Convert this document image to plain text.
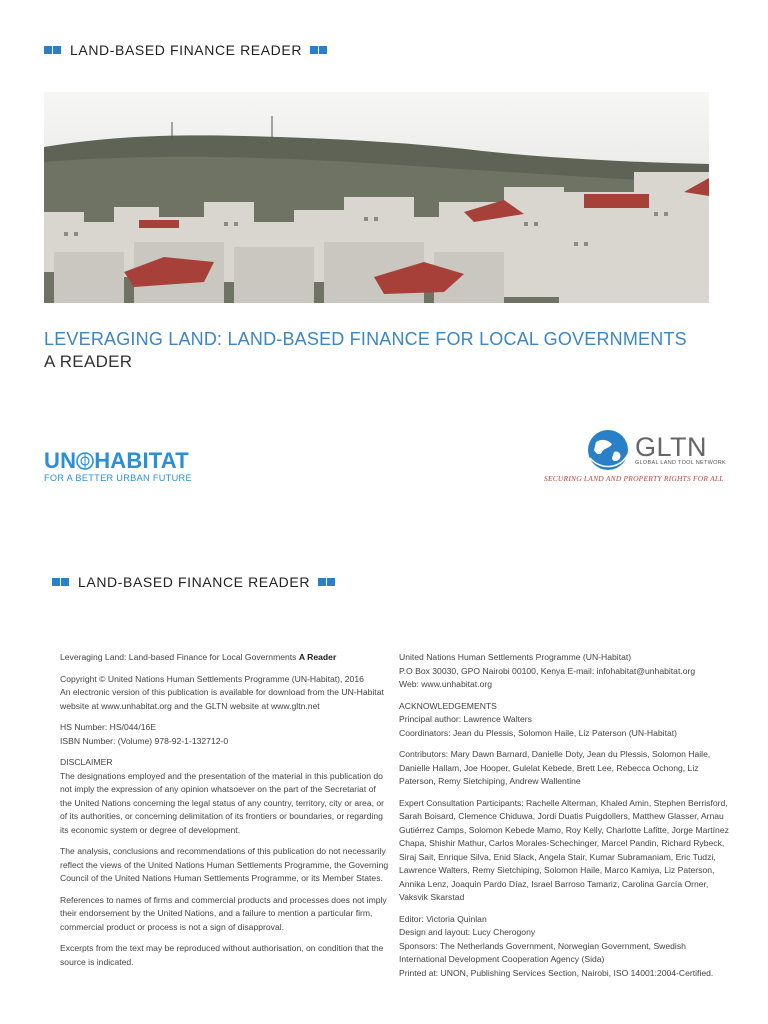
LAND-BASED FINANCE READER
LEVERAGING LAND: LAND-BASED FINANCE FOR LOCAL GOVERNMENTS
A READER
UN HABITAT
FOR A BETTER URBAN FUTURE
GLTN
GLOBAL LAND TOOL NETWORK
SECURING LAND AND PROPERTY RIGHTS FOR ALL
LAND-BASED FINANCE READER

Leveraging Land: Land-based Finance for Local Governments A Reader

Copyright © United Nations Human Settlements Programme (UN-Habitat), 2016
An electronic version of this publication is available for download from the UN-Habitat website at www.unhabitat.org and the GLTN website at www.gltn.net

HS Number: HS/044/16E
ISBN Number: (Volume) 978-92-1-132712-0

DISCLAIMER
The designations employed and the presentation of the material in this publication do not imply the expression of any opinion whatsoever on the part of the Secretariat of the United Nations concerning the legal status of any country, territory, city or area, or of its authorities, or concerning delimitation of its frontiers or boundaries, or regarding its economic system or degree of development.

The analysis, conclusions and recommendations of this publication do not necessarily reflect the views of the United Nations Human Settlements Programme, the Governing Council of the United Nations Human Settlements Programme, or its Member States.

References to names of firms and commercial products and processes does not imply their endorsement by the United Nations, and a failure to mention a particular firm, commercial product or process is not a sign of disapproval.

Excerpts from the text may be reproduced without authorisation, on condition that the source is indicated.

United Nations Human Settlements Programme (UN-Habitat)
P.O Box 30030, GPO Nairobi 00100, Kenya E-mail: infohabitat@unhabitat.org
Web: www.unhabitat.org

ACKNOWLEDGEMENTS
Principal author: Lawrence Walters
Coordinators: Jean du Plessis, Solomon Haile, Liz Paterson (UN-Habitat)

Contributors: Mary Dawn Barnard, Danielle Doty, Jean du Plessis, Solomon Haile, Danielle Hallam, Joe Hooper, Gulelat Kebede, Brett Lee, Rebecca Ochong, Liz Paterson, Remy Sietchiping, Andrew Wallentine

Expert Consultation Participants: Rachelle Alterman, Khaled Amin, Stephen Berrisford, Sarah Boisard, Clemence Chiduwa, Jordi Duatis Puigdollers, Matthew Glasser, Arnau Gutiérrez Camps, Solomon Kebede Mamo, Roy Kelly, Charlotte Lafitte, Jorge Martínez Chapa, Shishir Mathur, Carlos Morales-Schechinger, Marcel Pandin, Richard Rybeck, Siraj Sait, Enrique Silva, Enid Slack, Angela Stair, Kumar Subramaniam, Eric Tudzi, Lawrence Walters, Remy Sietchiping, Solomon Haile, Marco Kamiya, Liz Paterson, Annika Lenz, Joaquin Pardo Díaz, Israel Barroso Tamariz, Carolina García Orner, Vaksvik Skarstad

Editor: Victoria Quinlan
Design and layout: Lucy Cherogony
Sponsors: The Netherlands Government, Norwegian Government, Swedish International Development Cooperation Agency (Sida)
Printed at: UNON, Publishing Services Section, Nairobi, ISO 14001:2004-Certified.
